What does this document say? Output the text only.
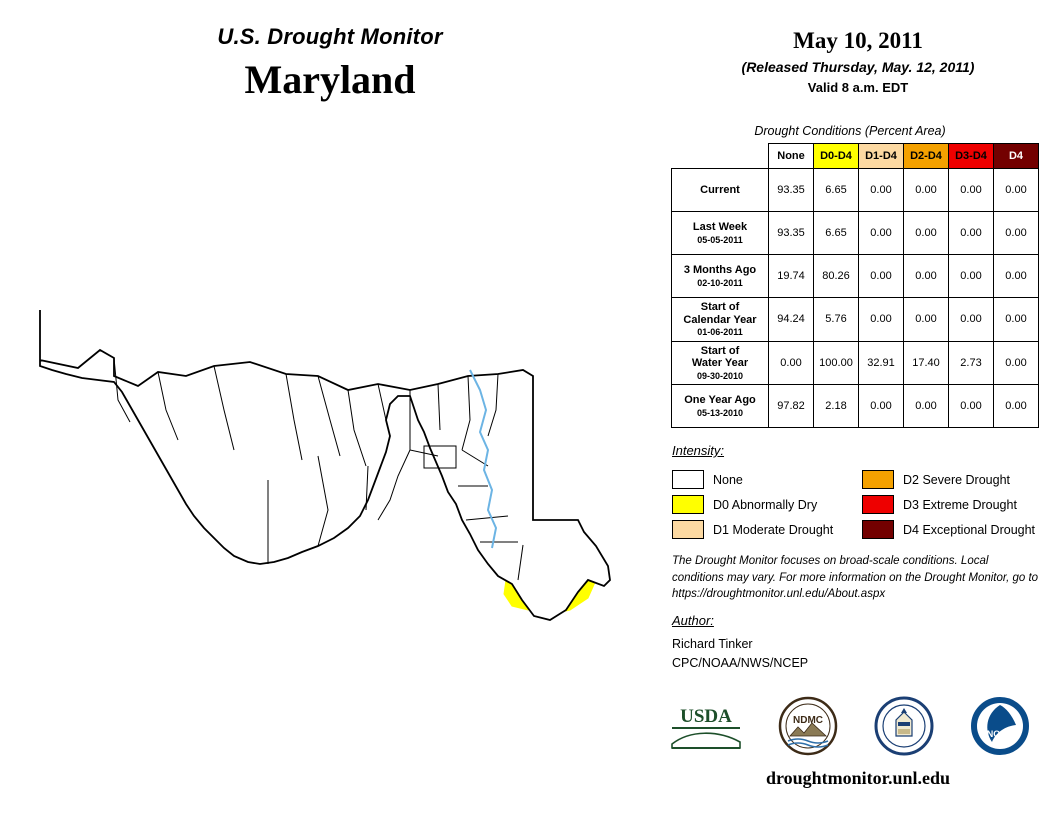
U.S. Drought Monitor
Maryland
May 10, 2011
(Released Thursday, May. 12, 2011)
Valid 8 a.m. EDT
Drought Conditions (Percent Area)
	None	D0-D4	D1-D4	D2-D4	D3-D4	D4
Current	93.35	6.65	0.00	0.00	0.00	0.00
Last Week
05-05-2011	93.35	6.65	0.00	0.00	0.00	0.00
3 Months Ago
02-10-2011	19.74	80.26	0.00	0.00	0.00	0.00
Start of
Calendar Year
01-06-2011	94.24	5.76	0.00	0.00	0.00	0.00
Start of
Water Year
09-30-2010	0.00	100.00	32.91	17.40	2.73	0.00
One Year Ago
05-13-2010	97.82	2.18	0.00	0.00	0.00	0.00
Intensity:
None
D0 Abnormally Dry
D1 Moderate Drought
D2 Severe Drought
D3 Extreme Drought
D4 Exceptional Drought
The Drought Monitor focuses on broad-scale conditions. Local conditions may vary. For more information on the Drought Monitor, go to https://droughtmonitor.unl.edu/About.aspx
Author:
Richard Tinker
CPC/NOAA/NWS/NCEP
USDA	NDMC
NOAA
droughtmonitor.unl.edu
